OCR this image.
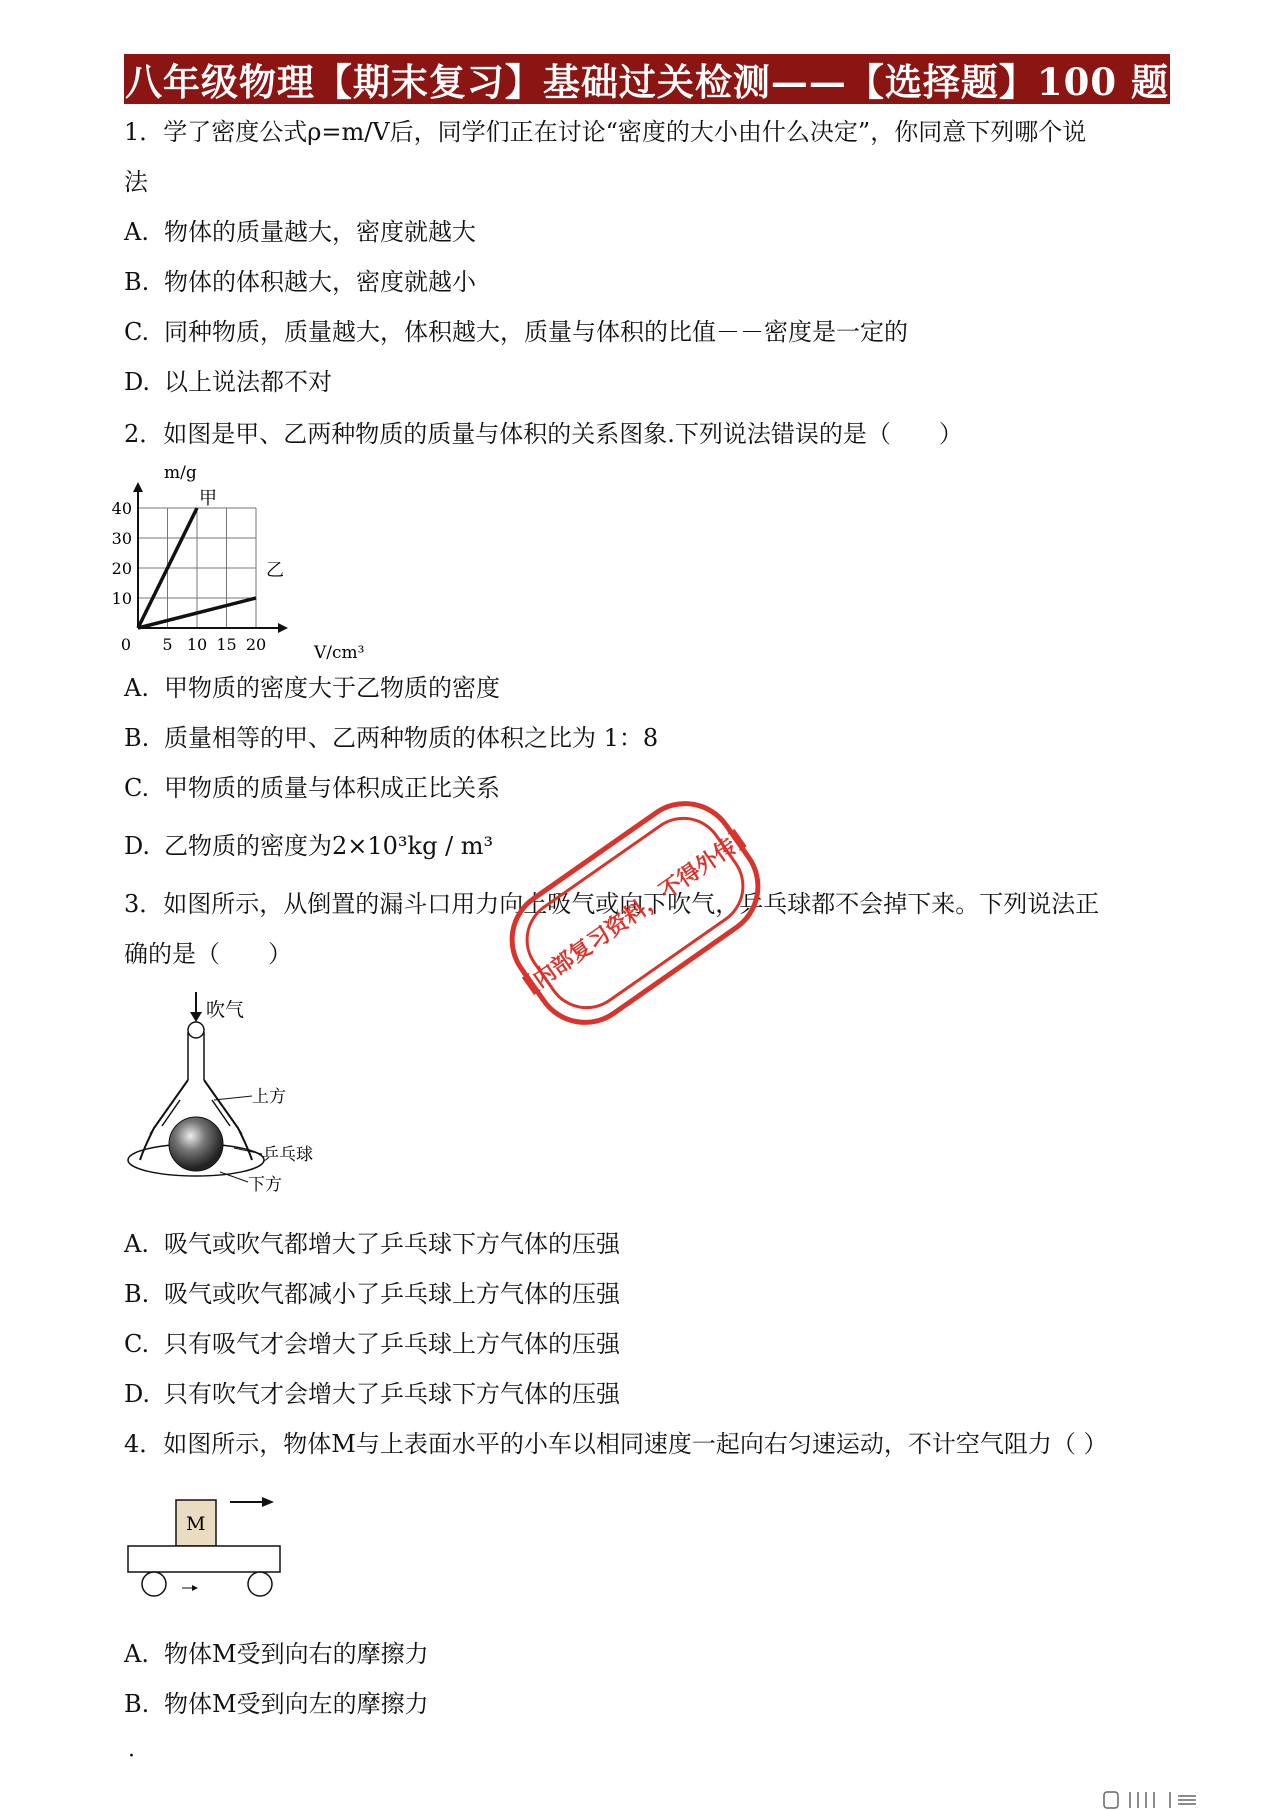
八年级物理【期末复习】基础过关检测——【选择题】100 题
1．学了密度公式ρ=m/V后，同学们正在讨论“密度的大小由什么决定”，你同意下列哪个说
法
A. 物体的质量越大，密度就越大
B. 物体的体积越大，密度就越小
C. 同种物质，质量越大，体积越大，质量与体积的比值－－密度是一定的
D. 以上说法都不对
2．如图是甲、乙两种物质的质量与体积的关系图象.下列说法错误的是（　　）
甲
乙
0 5 10 15 20
10
20
30
40
m/g
V/cm³
A. 甲物质的密度大于乙物质的密度
B. 质量相等的甲、乙两种物质的体积之比为 1：8
C. 甲物质的质量与体积成正比关系
D. 乙物质的密度为2×10³kg / m³
3．如图所示，从倒置的漏斗口用力向上吸气或向下吹气，乒乓球都不会掉下来。下列说法正
确的是（　　）
吹气
上方
乒乓球
下方
A. 吸气或吹气都增大了乒乓球下方气体的压强
B. 吸气或吹气都减小了乒乓球上方气体的压强
C. 只有吸气才会增大了乒乓球上方气体的压强
D. 只有吹气才会增大了乒乓球下方气体的压强
4．如图所示，物体M与上表面水平的小车以相同速度一起向右匀速运动，不计空气阻力（ ）
M
A. 物体M受到向右的摩擦力
B. 物体M受到向左的摩擦力
·
【内部复习资料，不得外传】
